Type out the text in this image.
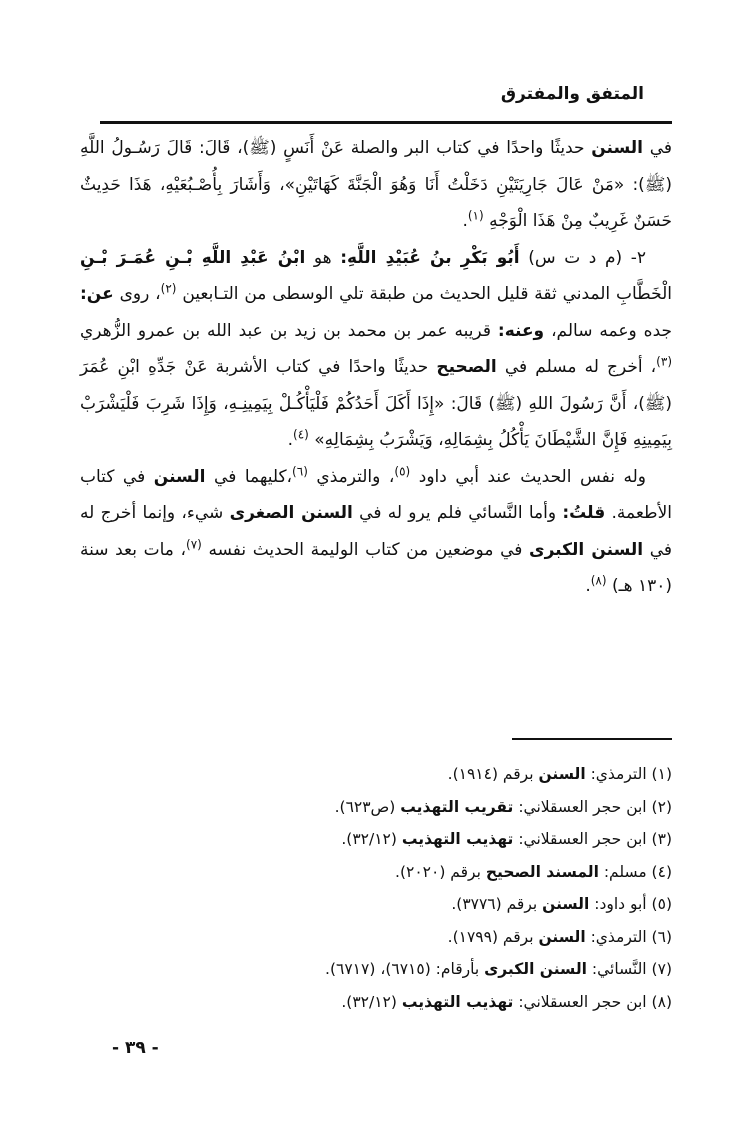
المتفق والمفترق

في السنن حديثًا واحدًا في كتاب البر والصلة عَنْ أَنَسٍ (ﷺ)، قَالَ: قَالَ رَسُـولُ اللَّهِ (ﷺ): «مَنْ عَالَ جَارِيَتَيْنِ دَخَلْتُ أَنَا وَهُوَ الْجَنَّةَ كَهَاتَيْنِ»، وَأَشَارَ بِأُصْـبُعَيْهِ، هَذَا حَدِيثٌ حَسَنٌ غَرِيبٌ مِنْ هَذَا الْوَجْهِ $^{(١)}$.

٢- (م د ت س) أَبُو بَكْرِ بنُ عُبَيْدِ اللَّهِ: هو ابْنُ عَبْدِ اللَّهِ بْـنِ عُمَـرَ بْـنِ الْخَطَّابِ المدني ثقة قليل الحديث من طبقة تلي الوسطى من التـابعين $^{(٢)}$، روى عن: جده وعمه سالم، وعنه: قريبه عمر بن محمد بن زيد بن عبد الله بن عمرو الزُّهري $^{(٣)}$، أخرج له مسلم في الصحيح حديثًا واحدًا في كتاب الأشربة عَنْ جَدِّهِ ابْنِ عُمَرَ (ﷺ)، أَنَّ رَسُولَ اللهِ (ﷺ) قَالَ: «إِذَا أَكَلَ أَحَدُكُمْ فَلْيَأْكُـلْ بِيَمِينِـهِ، وَإِذَا شَرِبَ فَلْيَشْرَبْ بِيَمِينِهِ فَإِنَّ الشَّيْطَانَ يَأْكُلُ بِشِمَالِهِ، وَيَشْرَبُ بِشِمَالِهِ» $^{(٤)}$.

وله نفس الحديث عند أبي داود $^{(٥)}$، والترمذي $^{(٦)}$،كليهما في السنن في كتاب الأطعمة. قلتُ: وأما النَّسائي فلم يرو له في السنن الصغرى شيء، وإنما أخرج له في السنن الكبرى في موضعين من كتاب الوليمة الحديث نفسه $^{(٧)}$، مات بعد سنة (١٣٠ هـ) $^{(٨)}$.

(١) الترمذي: السنن برقم (١٩١٤).
(٢) ابن حجر العسقلاني: تقريب التهذيب (ص٦٢٣).
(٣) ابن حجر العسقلاني: تهذيب التهذيب (٣٢/١٢).
(٤) مسلم: المسند الصحيح برقم (٢٠٢٠).
(٥) أبو داود: السنن برقم (٣٧٧٦).
(٦) الترمذي: السنن برقم (١٧٩٩).
(٧) النَّسائي: السنن الكبرى بأرقام: (٦٧١٥)، (٦٧١٧).
(٨) ابن حجر العسقلاني: تهذيب التهذيب (٣٢/١٢).
- ٣٩ -
